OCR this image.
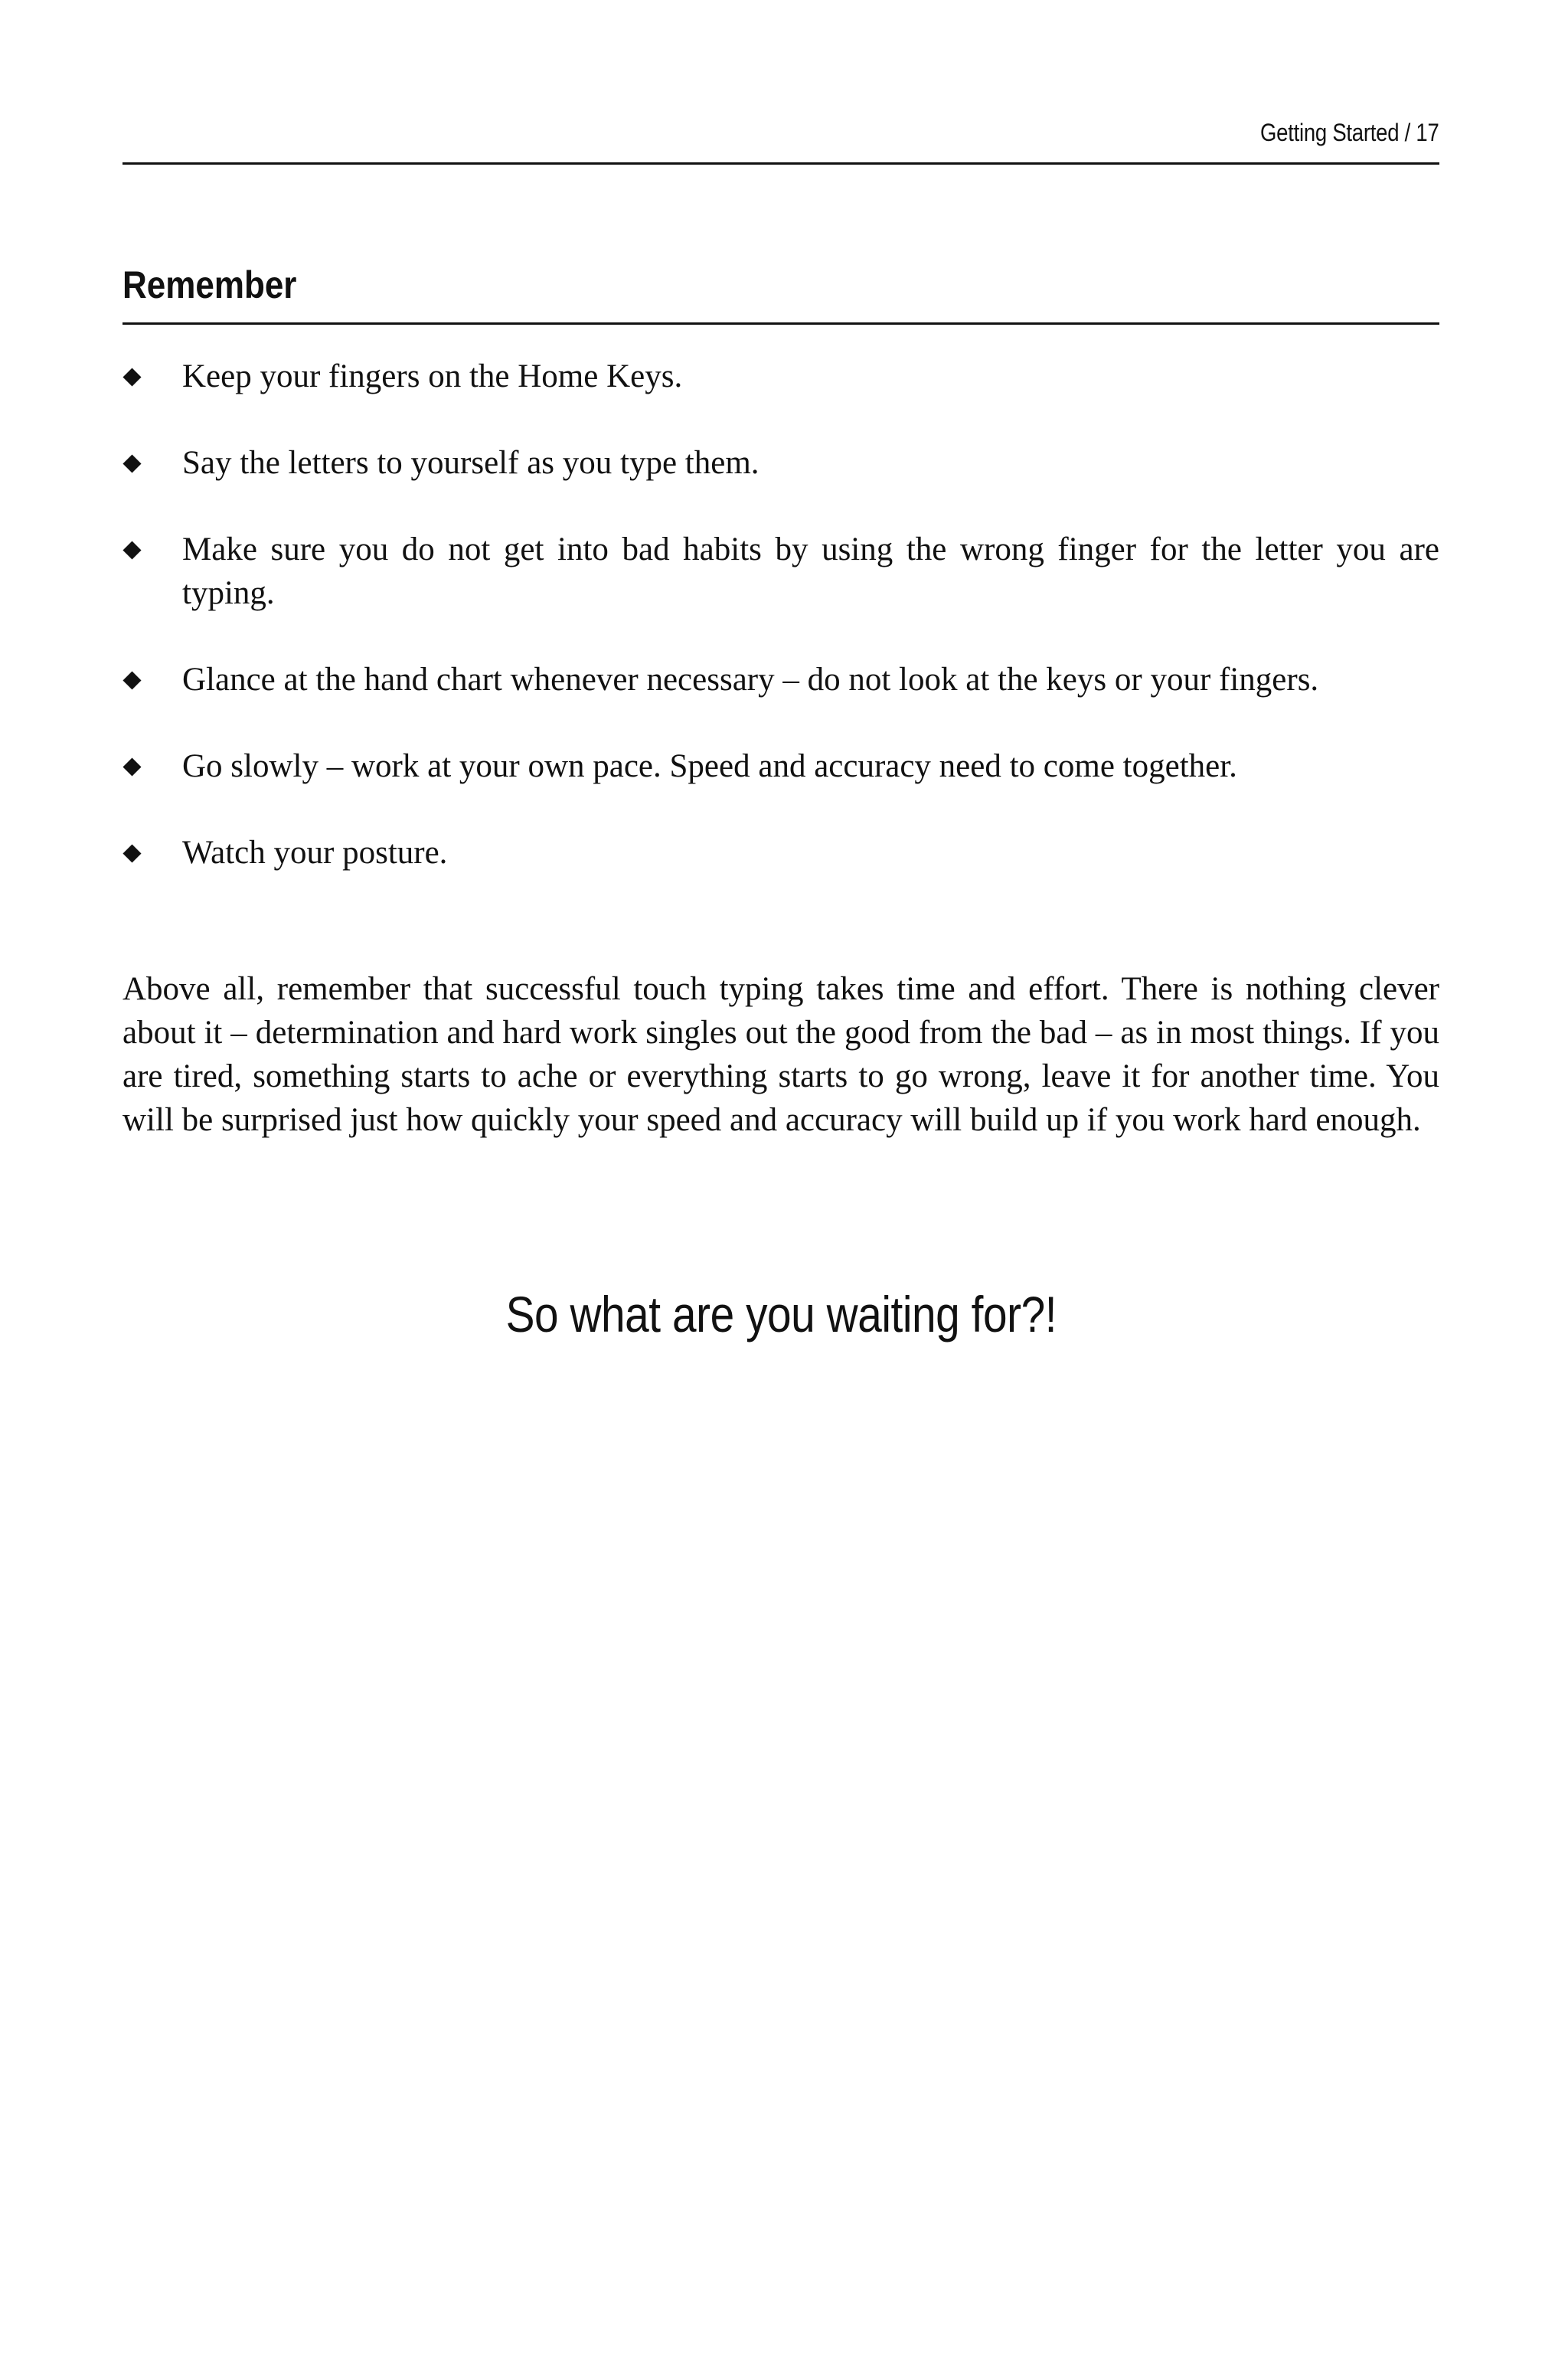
Getting Started / 17
Remember
Keep your fingers on the Home Keys.
Say the letters to yourself as you type them.
Make sure you do not get into bad habits by using the wrong finger for the letter you are typing.
Glance at the hand chart whenever necessary – do not look at the keys or your fingers.
Go slowly – work at your own pace. Speed and accuracy need to come together.
Watch your posture.

Above all, remember that successful touch typing takes time and effort. There is nothing clever about it – determination and hard work singles out the good from the bad – as in most things. If you are tired, something starts to ache or everything starts to go wrong, leave it for another time. You will be surprised just how quickly your speed and accuracy will build up if you work hard enough.

So what are you waiting for?!
